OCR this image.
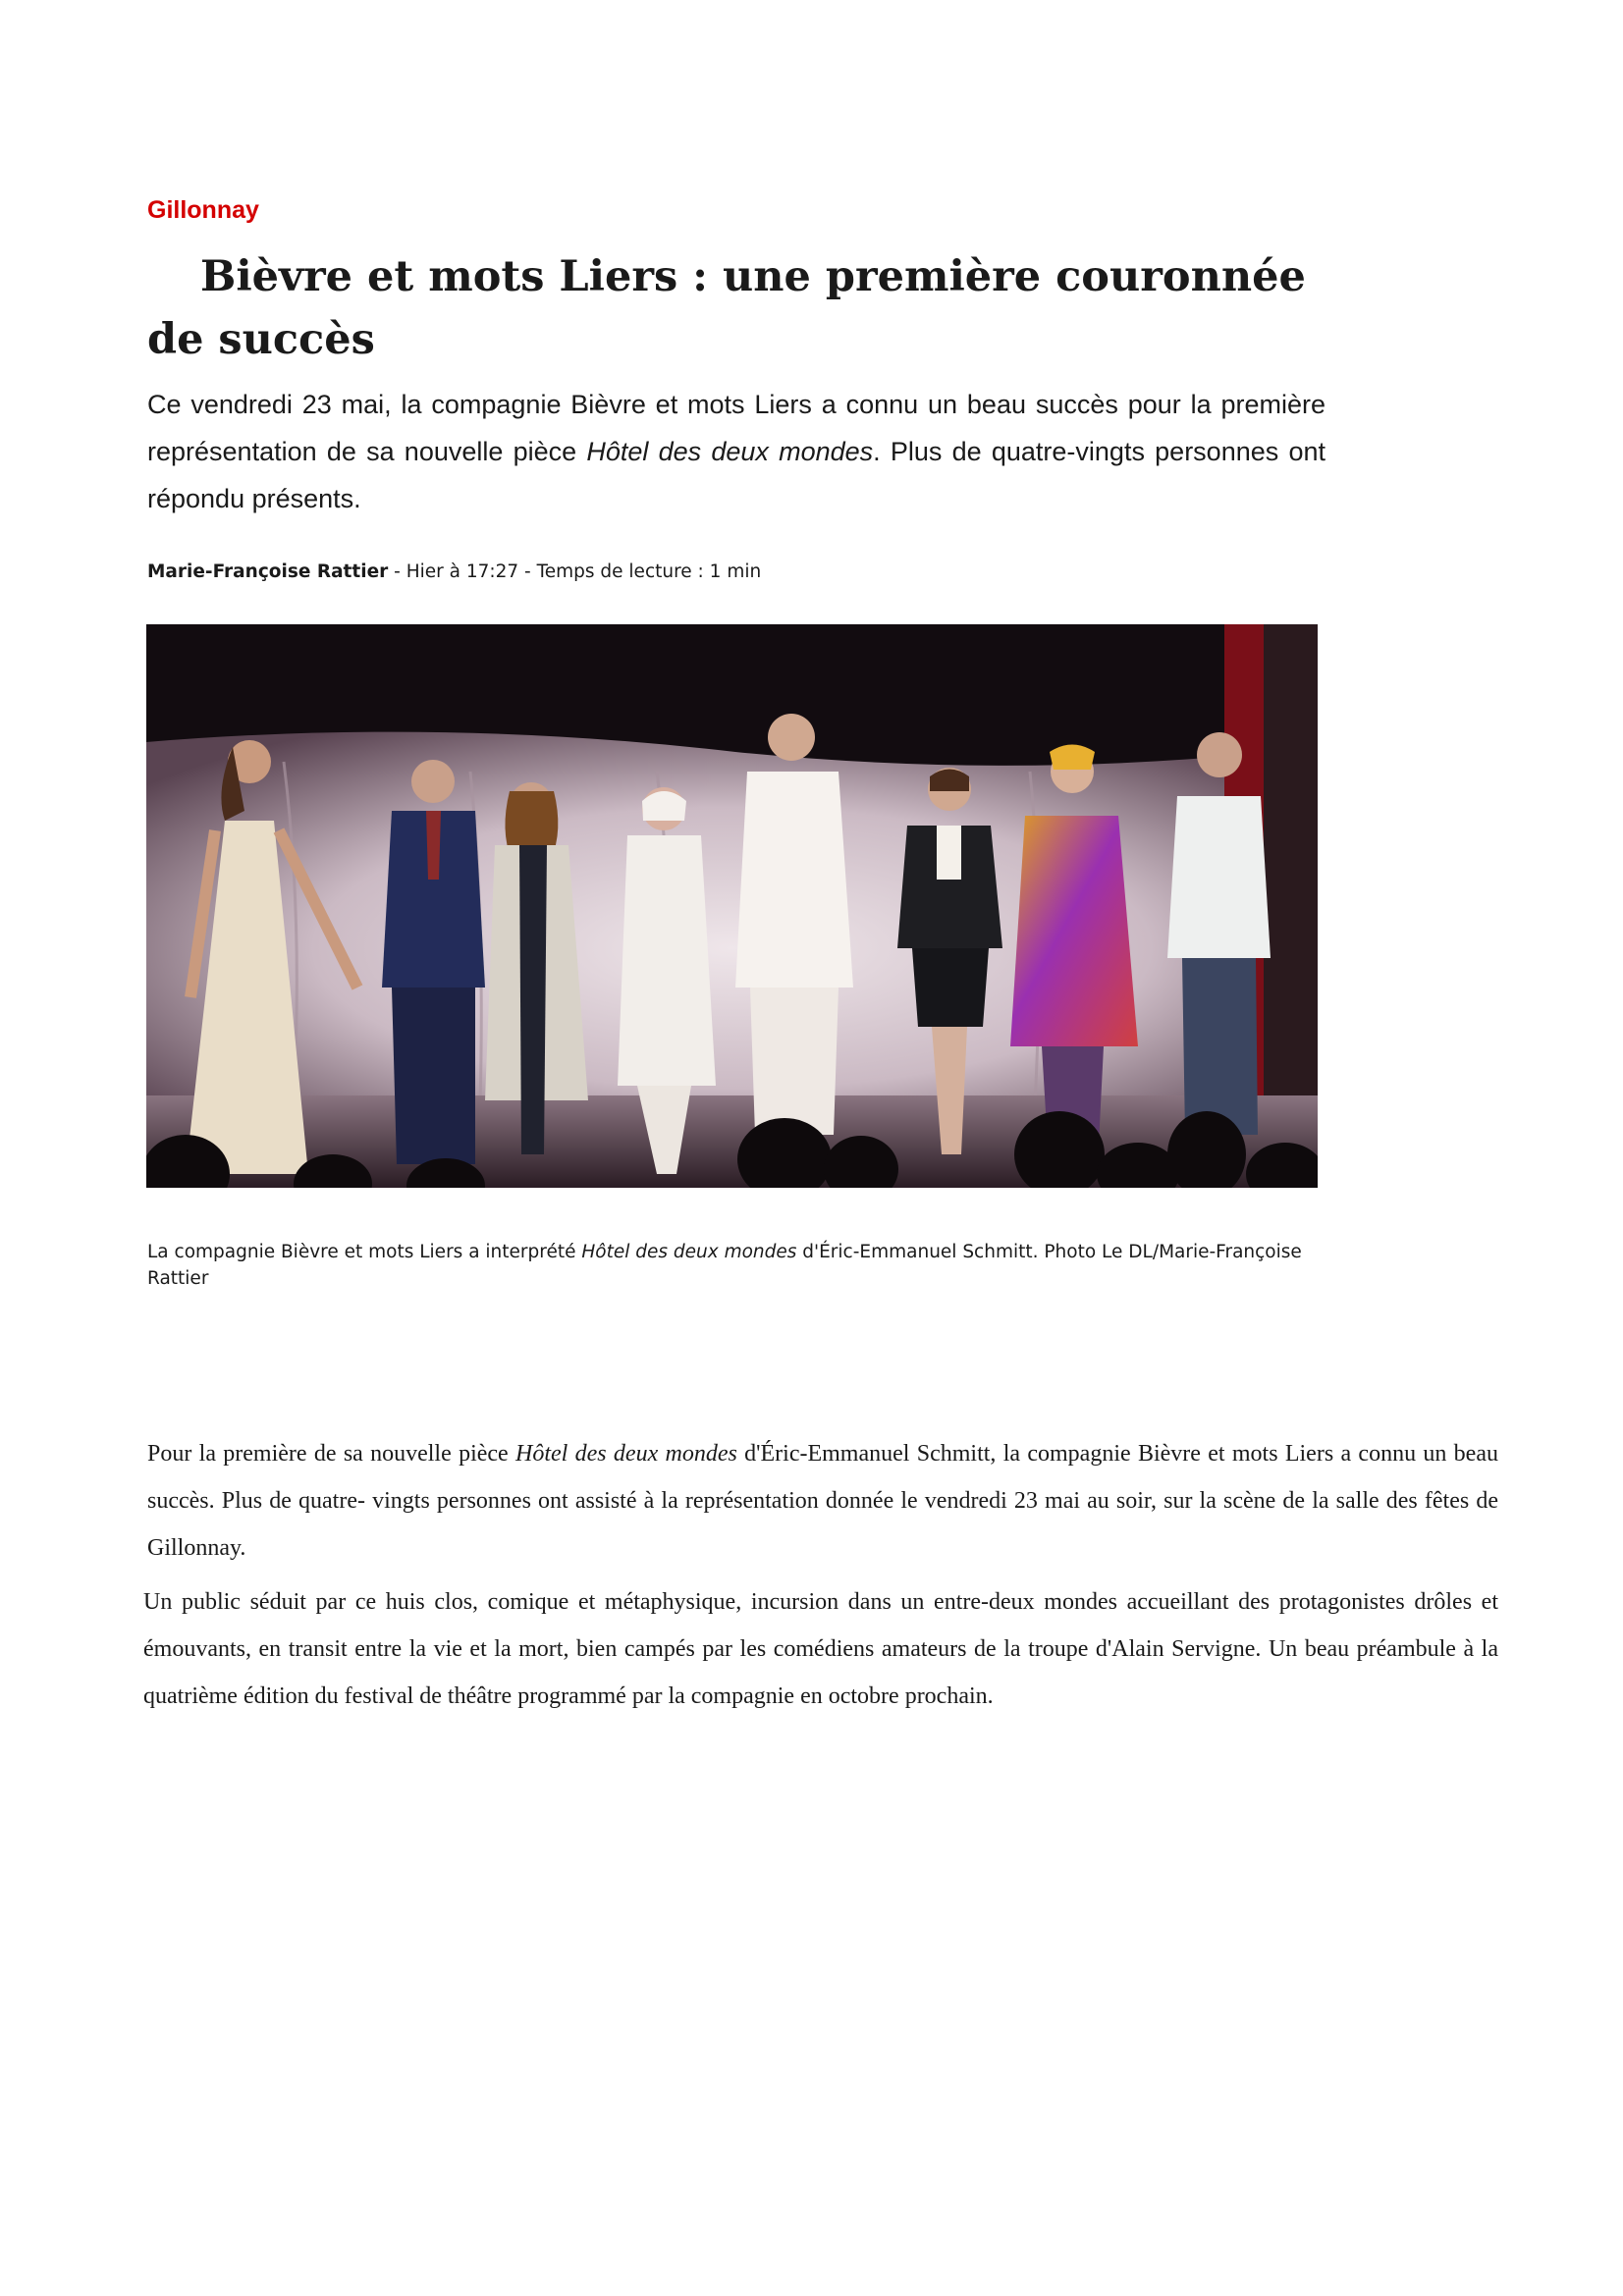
Gillonnay
Bièvre et mots Liers : une première couronnée de succès
Ce vendredi 23 mai, la compagnie Bièvre et mots Liers a connu un beau succès pour la première représentation de sa nouvelle pièce Hôtel des deux mondes. Plus de quatre-vingts personnes ont répondu présents.
Marie-Françoise Rattier - Hier à 17:27 - Temps de lecture : 1 min
La compagnie Bièvre et mots Liers a interprété Hôtel des deux mondes d'Éric-Emmanuel Schmitt. Photo Le DL/Marie-Françoise Rattier
Pour la première de sa nouvelle pièce Hôtel des deux mondes d'Éric-Emmanuel Schmitt, la compagnie Bièvre et mots Liers a connu un beau succès. Plus de quatre- vingts personnes ont assisté à la représentation donnée le vendredi 23 mai au soir, sur la scène de la salle des fêtes de Gillonnay.
Un public séduit par ce huis clos, comique et métaphysique, incursion dans un entre-deux mondes accueillant des protagonistes drôles et émouvants, en transit entre la vie et la mort, bien campés par les comédiens amateurs de la troupe d'Alain Servigne. Un beau préambule à la quatrième édition du festival de théâtre programmé par la compagnie en octobre prochain.
